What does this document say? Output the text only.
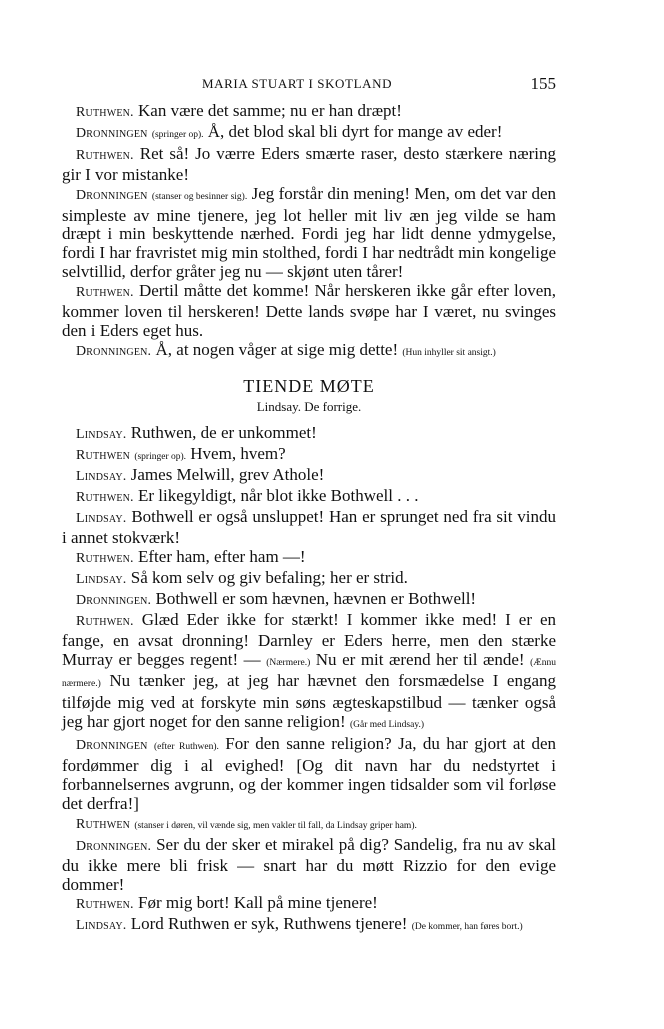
MARIA STUART I SKOTLAND	155

Ruthwen. Kan være det samme; nu er han dræpt!

Dronningen (springer op). Å, det blod skal bli dyrt for mange av eder!

Ruthwen. Ret så! Jo værre Eders smærte raser, desto stærkere næring gir I vor mistanke!

Dronningen (stanser og besinner sig). Jeg forstår din mening! Men, om det var den simpleste av mine tjenere, jeg lot heller mit liv æn jeg vilde se ham dræpt i min beskyttende nærhed. Fordi jeg har lidt denne ydmygelse, fordi I har fravristet mig min stolthed, fordi I har nedtrådt min kongelige selvtillid, derfor gråter jeg nu — skjønt uten tårer!

Ruthwen. Dertil måtte det komme! Når herskeren ikke går efter loven, kommer loven til herskeren! Dette lands svøpe har I været, nu svinges den i Eders eget hus.

Dronningen. Å, at nogen våger at sige mig dette! (Hun inhyller sit ansigt.)

TIENDE MØTE
Lindsay. De forrige.

Lindsay. Ruthwen, de er unkommet!

Ruthwen (springer op). Hvem, hvem?

Lindsay. James Melwill, grev Athole!

Ruthwen. Er likegyldigt, når blot ikke Bothwell . . .

Lindsay. Bothwell er også unsluppet! Han er sprunget ned fra sit vindu i annet stokværk!

Ruthwen. Efter ham, efter ham —!

Lindsay. Så kom selv og giv befaling; her er strid.

Dronningen. Bothwell er som hævnen, hævnen er Bothwell!

Ruthwen. Glæd Eder ikke for stærkt! I kommer ikke med! I er en fange, en avsat dronning! Darnley er Eders herre, men den stærke Murray er begges regent! — (Nærmere.) Nu er mit ærend her til ænde! (Ænnu nærmere.) Nu tænker jeg, at jeg har hævnet den forsmædelse I engang tilføjde mig ved at forskyte min søns ægteskapstilbud — tænker også jeg har gjort noget for den sanne religion! (Går med Lindsay.)

Dronningen (efter Ruthwen). For den sanne religion? Ja, du har gjort at den fordømmer dig i al evighed! [Og dit navn har du nedstyrtet i forbannelsernes avgrunn, og der kommer ingen tidsalder som vil forløse det derfra!]

Ruthwen (stanser i døren, vil vænde sig, men vakler til fall, da Lindsay griper ham).

Dronningen. Ser du der sker et mirakel på dig? Sandelig, fra nu av skal du ikke mere bli frisk — snart har du møtt Rizzio for den evige dommer!

Ruthwen. Før mig bort! Kall på mine tjenere!

Lindsay. Lord Ruthwen er syk, Ruthwens tjenere! (De kommer, han føres bort.)
